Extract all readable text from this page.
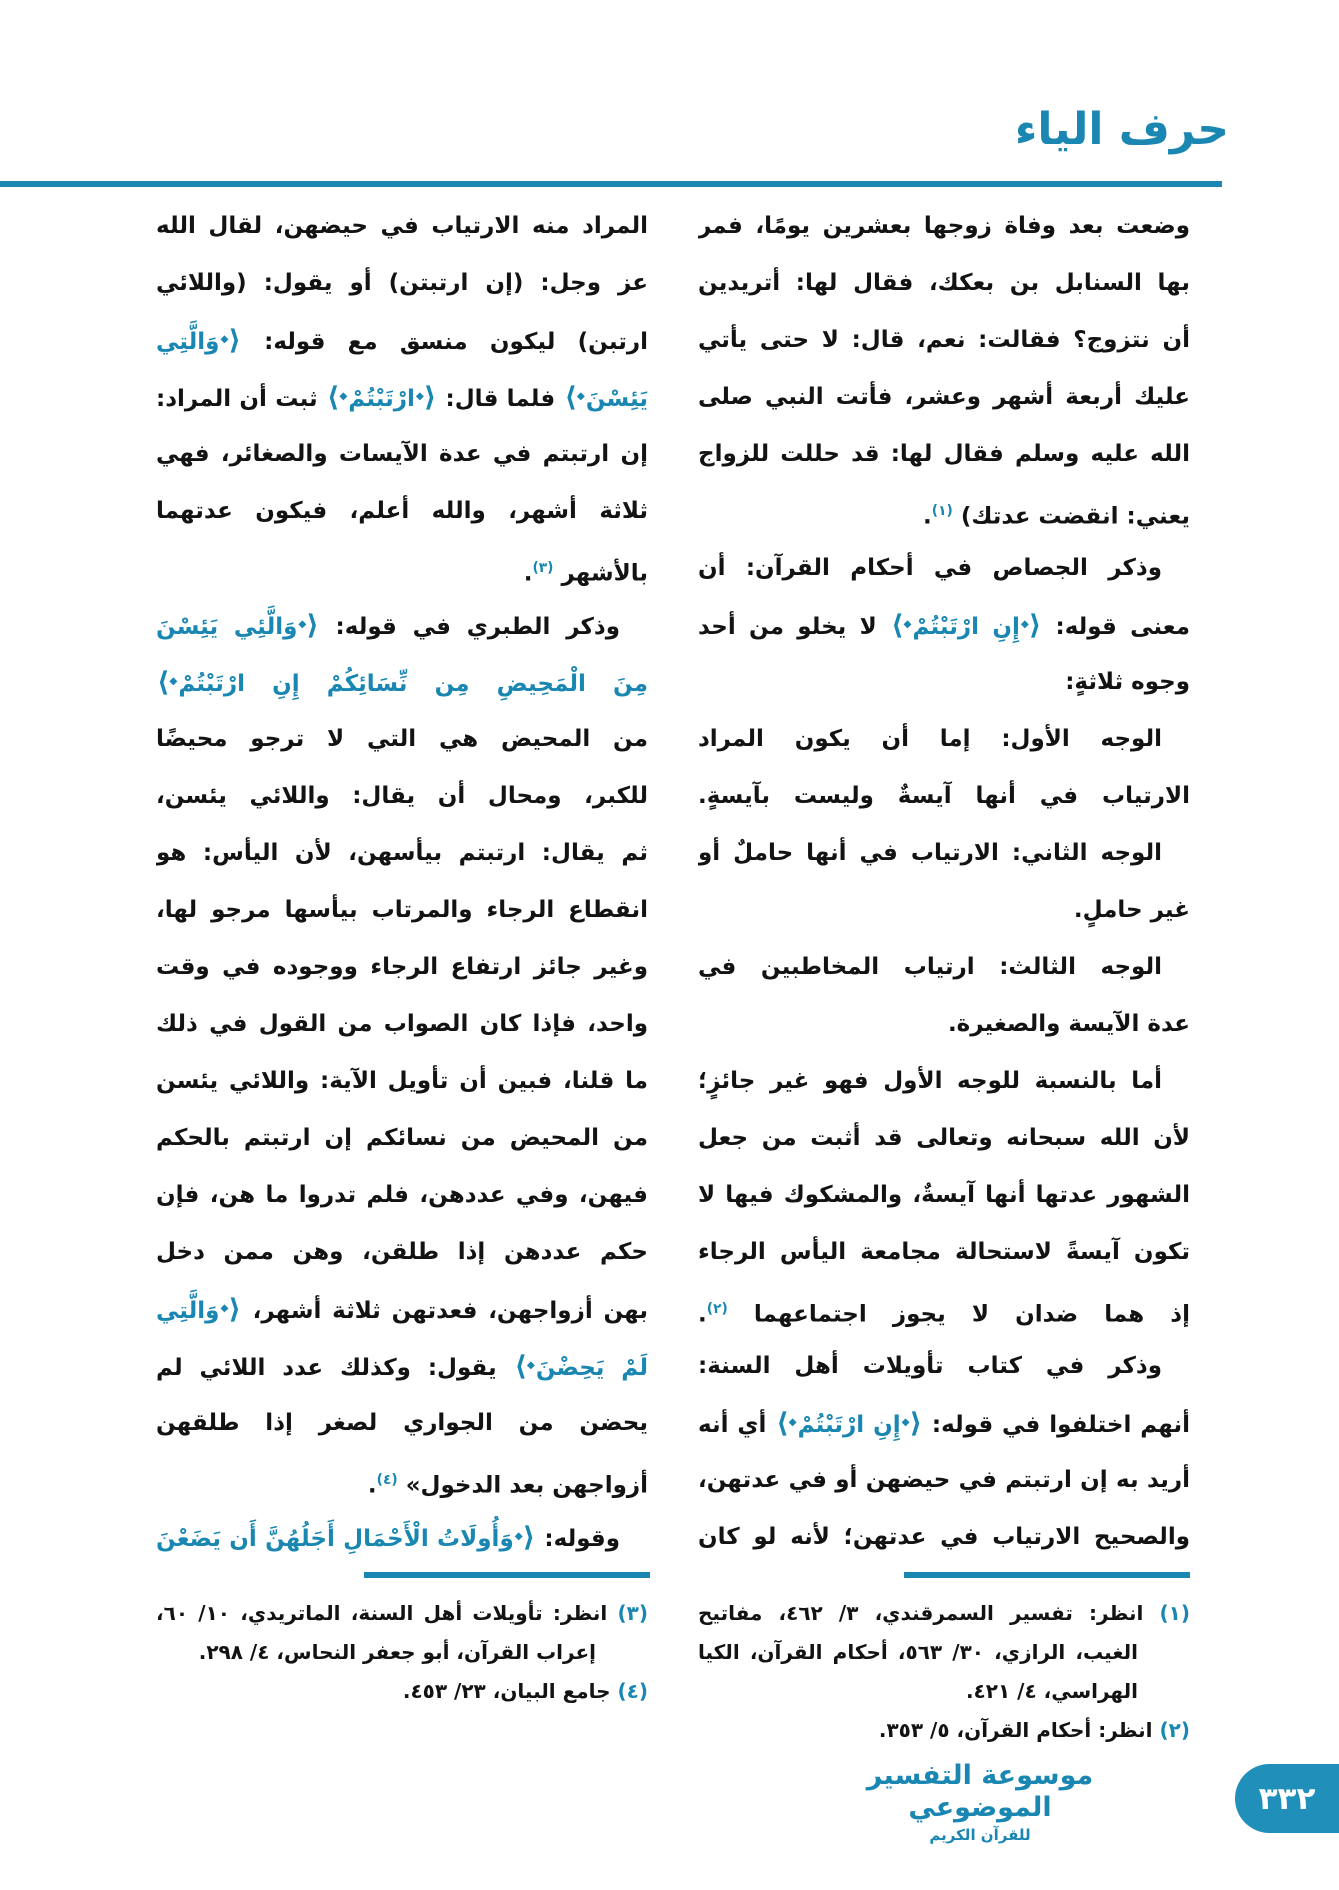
حرف الياء
وضعت بعد وفاة زوجها بعشرين يومًا، فمر
بها السنابل بن بعكك، فقال لها: أتريدين
أن نتزوج؟ فقالت: نعم، قال: لا حتى يأتي
عليك أربعة أشهر وعشر، فأتت النبي صلى
الله عليه وسلم فقال لها: قد حللت للزواج
يعني: انقضت عدتك) $^{(١)}$.
وذكر الجصاص في أحكام القرآن: أن
معنى قوله: ◆⟩إِنِ ارْتَبْتُمْ⟨◆ لا يخلو من أحد
وجوه ثلاثةٍ:
الوجه الأول: إما أن يكون المراد
الارتياب في أنها آيسةٌ وليست بآيسةٍ.
الوجه الثاني: الارتياب في أنها حاملٌ أو
غير حاملٍ.
الوجه الثالث: ارتياب المخاطبين في
عدة الآيسة والصغيرة.
أما بالنسبة للوجه الأول فهو غير جائزٍ؛
لأن الله سبحانه وتعالى قد أثبت من جعل
الشهور عدتها أنها آيسةٌ، والمشكوك فيها لا
تكون آيسةً لاستحالة مجامعة اليأس الرجاء
إذ هما ضدان لا يجوز اجتماعهما $^{(٢)}$.
وذكر في كتاب تأويلات أهل السنة:
أنهم اختلفوا في قوله: ◆⟩إِنِ ارْتَبْتُمْ⟨◆ أي أنه
أريد به إن ارتبتم في حيضهن أو في عدتهن،
والصحيح الارتياب في عدتهن؛ لأنه لو كان
المراد منه الارتياب في حيضهن، لقال الله
عز وجل: (إن ارتبتن) أو يقول: (واللائي
ارتبن) ليكون منسق مع قوله: ◆⟩وَالَّتِي
يَئِسْنَ⟨◆ فلما قال: ◆⟩ارْتَبْتُمْ⟨◆ ثبت أن المراد:
إن ارتبتم في عدة الآيسات والصغائر، فهي
ثلاثة أشهر، والله أعلم، فيكون عدتهما
بالأشهر $^{(٣)}$.
وذكر الطبري في قوله: ◆⟩وَالَّئِي يَئِسْنَ
مِنَ الْمَحِيضِ مِن نِّسَائِكُمْ إِنِ ارْتَبْتُمْ⟨◆
من المحيض هي التي لا ترجو محيضًا
للكبر، ومحال أن يقال: واللائي يئسن،
ثم يقال: ارتبتم بيأسهن، لأن اليأس: هو
انقطاع الرجاء والمرتاب بيأسها مرجو لها،
وغير جائز ارتفاع الرجاء ووجوده في وقت
واحد، فإذا كان الصواب من القول في ذلك
ما قلنا، فبين أن تأويل الآية: واللائي يئسن
من المحيض من نسائكم إن ارتبتم بالحكم
فيهن، وفي عددهن، فلم تدروا ما هن، فإن
حكم عددهن إذا طلقن، وهن ممن دخل
بهن أزواجهن، فعدتهن ثلاثة أشهر، ◆⟩وَالَّتِي
لَمْ يَحِضْنَ⟨◆ يقول: وكذلك عدد اللائي لم
يحضن من الجواري لصغر إذا طلقهن
أزواجهن بعد الدخول» $^{(٤)}$.
وقوله: ◆⟩وَأُولَاتُ الْأَحْمَالِ أَجَلُهُنَّ أَن يَضَعْنَ
(١) انظر: تفسير السمرقندي، ٣/ ٤٦٢، مفاتيح الغيب، الرازي، ٣٠/ ٥٦٣، أحكام القرآن، الكيا الهراسي، ٤/ ٤٢١.
(٢) انظر: أحكام القرآن، ٥/ ٣٥٣.
(٣) انظر: تأويلات أهل السنة، الماتريدي، ١٠/ ٦٠، إعراب القرآن، أبو جعفر النحاس، ٤/ ٢٩٨.
(٤) جامع البيان، ٢٣/ ٤٥٣.
موسوعة التفسير الموضوعي
للقرآن الكريم
٣٣٢
